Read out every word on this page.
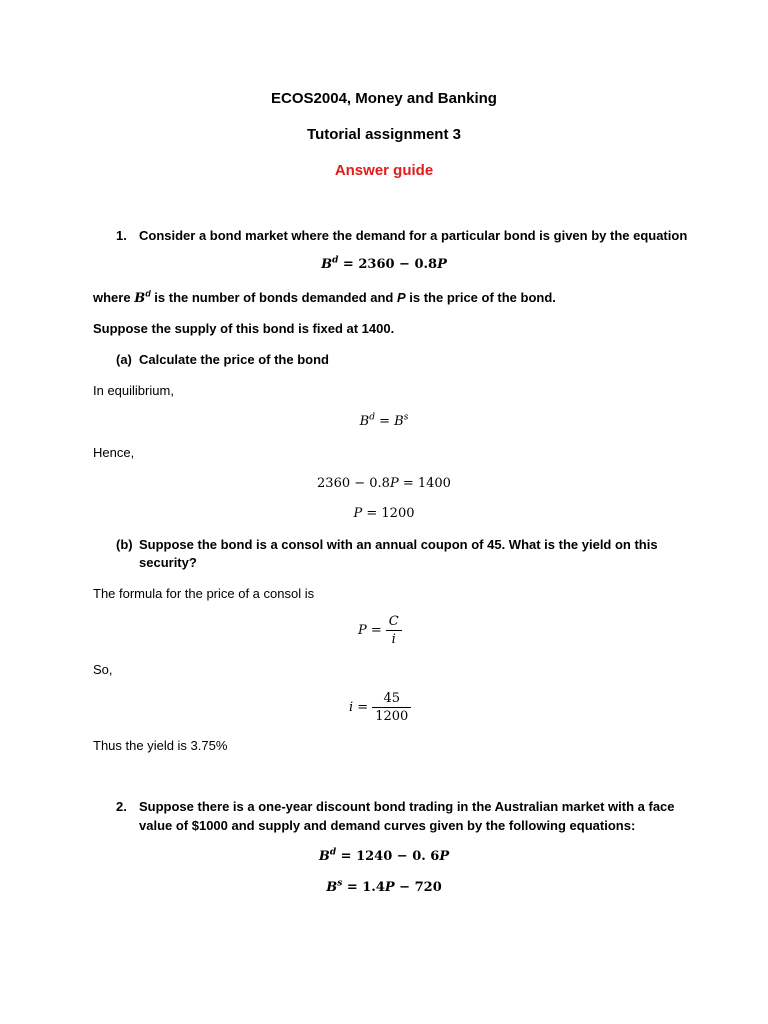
ECOS2004, Money and Banking
Tutorial assignment 3
Answer guide
1. Consider a bond market where the demand for a particular bond is given by the equation
$B^d = 2360 - 0.8P$
where $B^d$ is the number of bonds demanded and P is the price of the bond.
Suppose the supply of this bond is fixed at 1400.
(a) Calculate the price of the bond
In equilibrium,
$B^d = B^s$
Hence,
2360 − 0.8P = 1400
P = 1200
(b) Suppose the bond is a consol with an annual coupon of 45. What is the yield on this
security?
The formula for the price of a consol is
$P = \frac{C}{i}$
So,
$i = \frac{45}{1200}$
Thus the yield is 3.75%
2. Suppose there is a one-year discount bond trading in the Australian market with a face
value of $1000 and supply and demand curves given by the following equations:
$B^d = 1240 - 0$. 6P
$B^s = 1.4P - 720$
